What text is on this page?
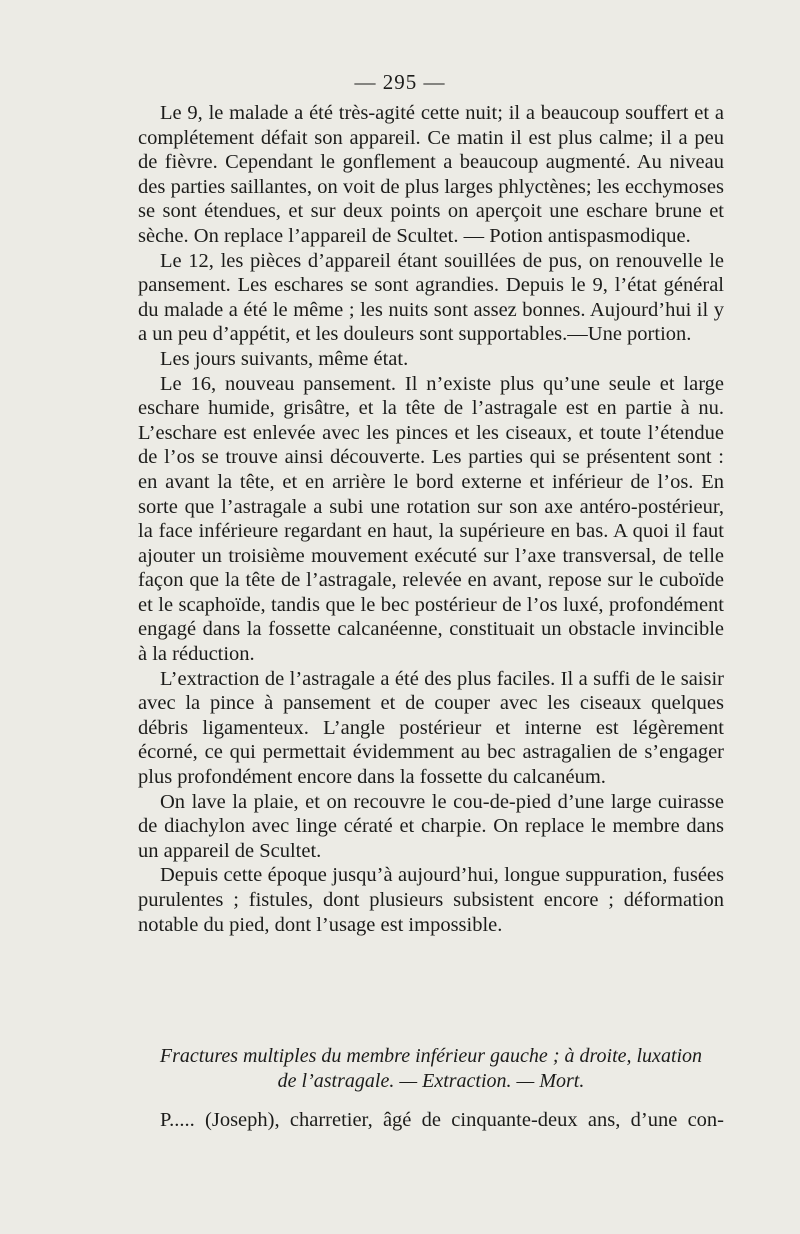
— 295 —

Le 9, le malade a été très-agité cette nuit; il a beaucoup souffert et a complétement défait son appareil. Ce matin il est plus calme; il a peu de fièvre. Cependant le gonflement a beaucoup augmenté. Au niveau des parties saillantes, on voit de plus larges phlyctènes; les ecchymoses se sont étendues, et sur deux points on aperçoit une eschare brune et sèche. On replace l’appareil de Scultet. — Potion antispasmodique.

Le 12, les pièces d’appareil étant souillées de pus, on renouvelle le pansement. Les eschares se sont agrandies. Depuis le 9, l’état général du malade a été le même ; les nuits sont assez bonnes. Aujourd’hui il y a un peu d’appétit, et les douleurs sont supportables.—Une portion.

Les jours suivants, même état.

Le 16, nouveau pansement. Il n’existe plus qu’une seule et large eschare humide, grisâtre, et la tête de l’astragale est en partie à nu. L’eschare est enlevée avec les pinces et les ciseaux, et toute l’étendue de l’os se trouve ainsi découverte. Les parties qui se présentent sont : en avant la tête, et en arrière le bord externe et inférieur de l’os. En sorte que l’astragale a subi une rotation sur son axe antéro-postérieur, la face inférieure regardant en haut, la supérieure en bas. A quoi il faut ajouter un troisième mouvement exécuté sur l’axe transversal, de telle façon que la tête de l’astragale, relevée en avant, repose sur le cuboïde et le scaphoïde, tandis que le bec postérieur de l’os luxé, profondément engagé dans la fossette calcanéenne, constituait un obstacle invincible à la réduction.

L’extraction de l’astragale a été des plus faciles. Il a suffi de le saisir avec la pince à pansement et de couper avec les ciseaux quelques débris ligamenteux. L’angle postérieur et interne est légèrement écorné, ce qui permettait évidemment au bec astragalien de s’engager plus profondément encore dans la fossette du calcanéum.

On lave la plaie, et on recouvre le cou-de-pied d’une large cuirasse de diachylon avec linge cératé et charpie. On replace le membre dans un appareil de Scultet.

Depuis cette époque jusqu’à aujourd’hui, longue suppuration, fusées purulentes ; fistules, dont plusieurs subsistent encore ; déformation notable du pied, dont l’usage est impossible.

Fractures multiples du membre inférieur gauche ; à droite, luxation
de l’astragale. — Extraction. — Mort.
P..... (Joseph), charretier, âgé de cinquante-deux ans, d’une con-
